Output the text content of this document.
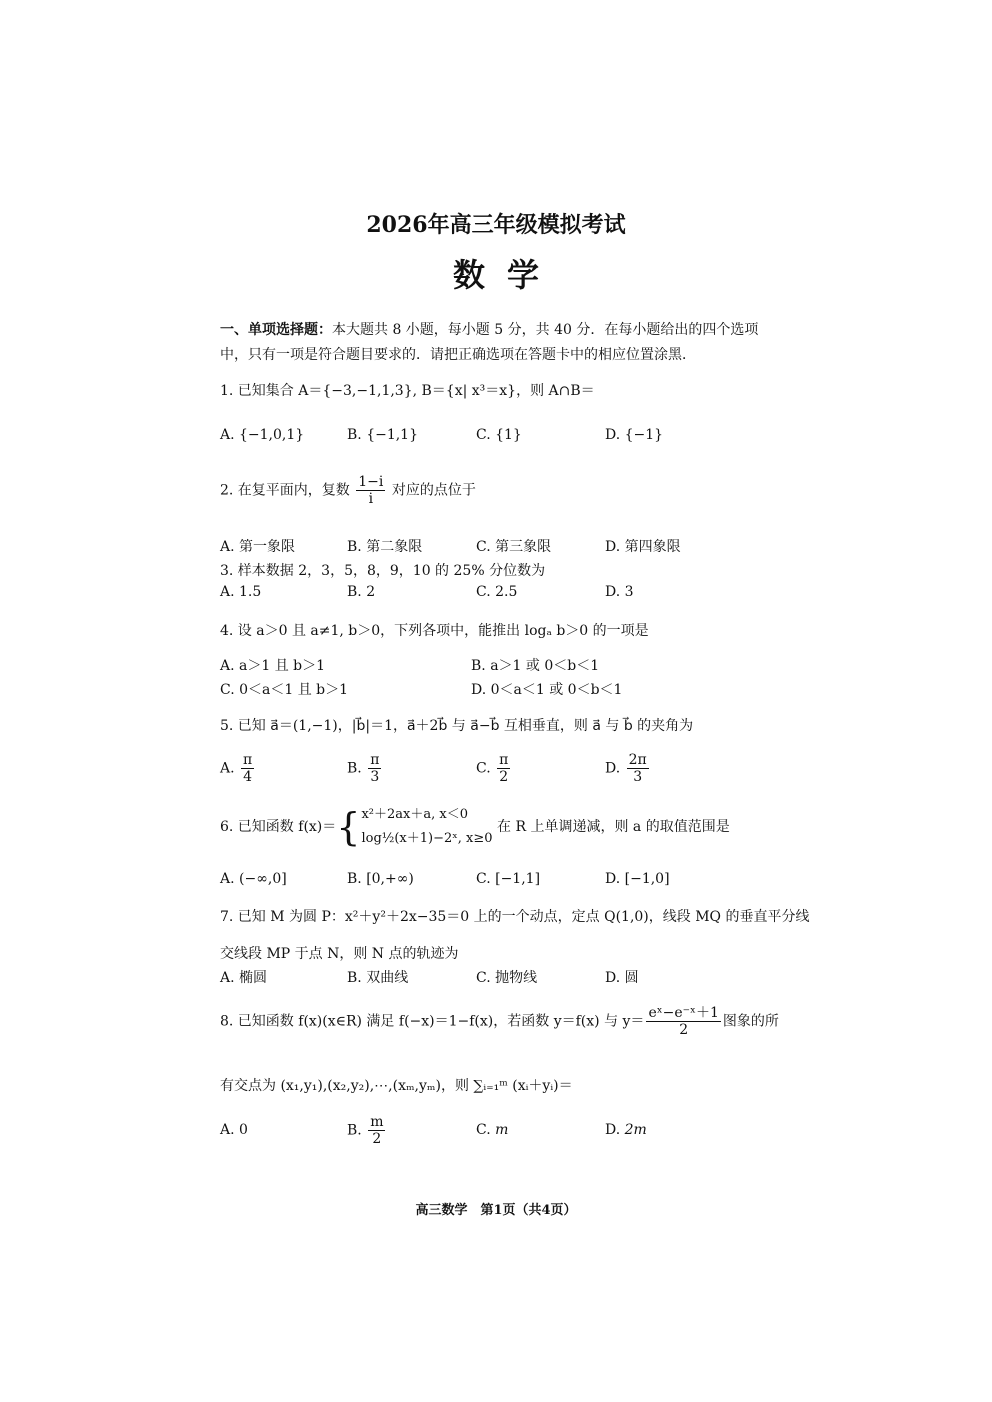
2026年高三年级模拟考试
数学
一、单项选择题：本大题共 8 小题，每小题 5 分，共 40 分．在每小题给出的四个选项中，只有一项是符合题目要求的．请把正确选项在答题卡中的相应位置涂黑．
1. 已知集合 A＝{−3,−1,1,3}, B＝{x| x³＝x}，则 A∩B＝
A. {−1,0,1}	B. {−1,1}	C. {1}	D. {−1}
2. 在复平面内，复数 $\frac{1-i}{i}$ 对应的点位于
A. 第一象限	B. 第二象限	C. 第三象限	D. 第四象限
3. 样本数据 2，3，5，8，9，10 的 25% 分位数为
A. 1.5	B. 2	C. 2.5	D. 3
4. 设 a＞0 且 a≠1, b＞0，下列各项中，能推出 logₐ b＞0 的一项是
A. a＞1 且 b＞1	B. a＞1 或 0＜b＜1
C. 0＜a＜1 且 b＞1	D. 0＜a＜1 或 0＜b＜1
5. 已知 a⃗＝(1,−1)，|b⃗|＝1，a⃗＋2b⃗ 与 a⃗−b⃗ 互相垂直，则 a⃗ 与 b⃗ 的夹角为
A. $\frac{\pi}{4}$	B. $\frac{\pi}{3}$	C. $\frac{\pi}{2}$	D. $\frac{2\pi}{3}$
6. 已知函数 f(x)＝{ x²＋2ax＋a, x＜0
log½(x＋1)−2ˣ, x≥0
在 R 上单调递减，则 a 的取值范围是
A. (−∞,0]	B. [0,+∞)	C. [−1,1]	D. [−1,0]
7. 已知 M 为圆 P：x²＋y²＋2x−35＝0 上的一个动点，定点 Q(1,0)，线段 MQ 的垂直平分线
交线段 MP 于点 N，则 N 点的轨迹为
A. 椭圆	B. 双曲线	C. 抛物线	D. 圆
8. 已知函数 f(x)(x∈R) 满足 f(−x)＝1−f(x)，若函数 y＝f(x) 与 $y= \frac{\text{eˣ−e⁻ˣ＋1}}{2}$ 图象的所
有交点为 (x₁,y₁),(x₂,y₂),⋯,(xₘ,yₘ)，则 ∑ᵢ₌₁ᵐ (xᵢ＋yᵢ)＝
A. 0	B. $\frac{m}{2}$	C. m	D. 2m
高三数学　第1页（共4页）
